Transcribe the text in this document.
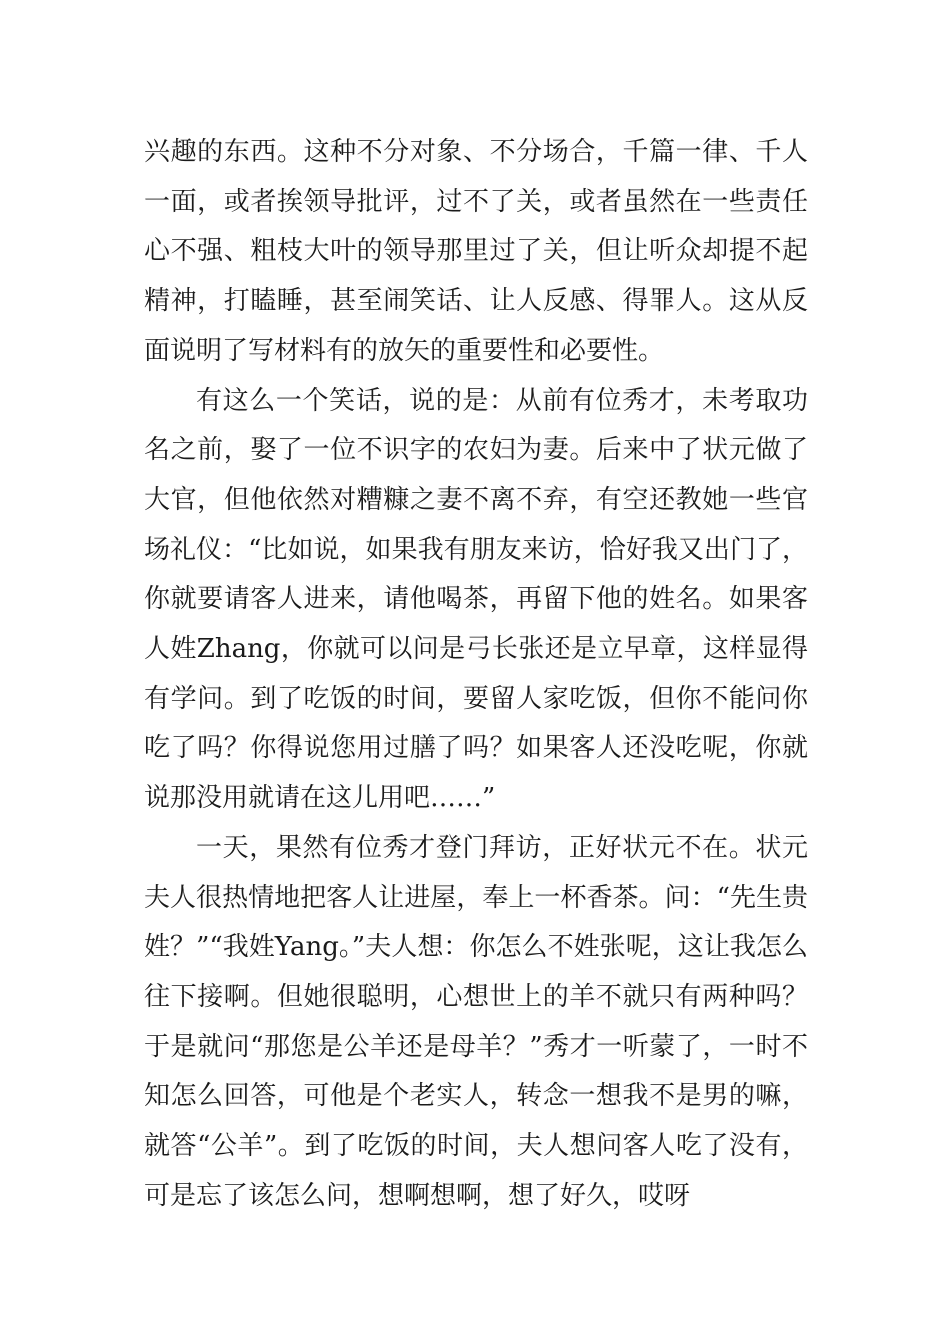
兴趣的东西。这种不分对象、不分场合，千篇一律、千人一面，或者挨领导批评，过不了关，或者虽然在一些责任心不强、粗枝大叶的领导那里过了关，但让听众却提不起精神，打瞌睡，甚至闹笑话、让人反感、得罪人。这从反面说明了写材料有的放矢的重要性和必要性。

有这么一个笑话，说的是：从前有位秀才，未考取功名之前，娶了一位不识字的农妇为妻。后来中了状元做了大官，但他依然对糟糠之妻不离不弃，有空还教她一些官场礼仪：“比如说，如果我有朋友来访，恰好我又出门了，你就要请客人进来，请他喝茶，再留下他的姓名。如果客人姓Zhang，你就可以问是弓长张还是立早章，这样显得有学问。到了吃饭的时间，要留人家吃饭，但你不能问你吃了吗？你得说您用过膳了吗？如果客人还没吃呢，你就说那没用就请在这儿用吧……”

一天，果然有位秀才登门拜访，正好状元不在。状元夫人很热情地把客人让进屋，奉上一杯香茶。问：“先生贵姓？”“我姓Yang。”夫人想：你怎么不姓张呢，这让我怎么往下接啊。但她很聪明，心想世上的羊不就只有两种吗？于是就问“那您是公羊还是母羊？”秀才一听蒙了，一时不知怎么回答，可他是个老实人，转念一想我不是男的嘛，就答“公羊”。到了吃饭的时间，夫人想问客人吃了没有，可是忘了该怎么问，想啊想啊，想了好久，哎呀
